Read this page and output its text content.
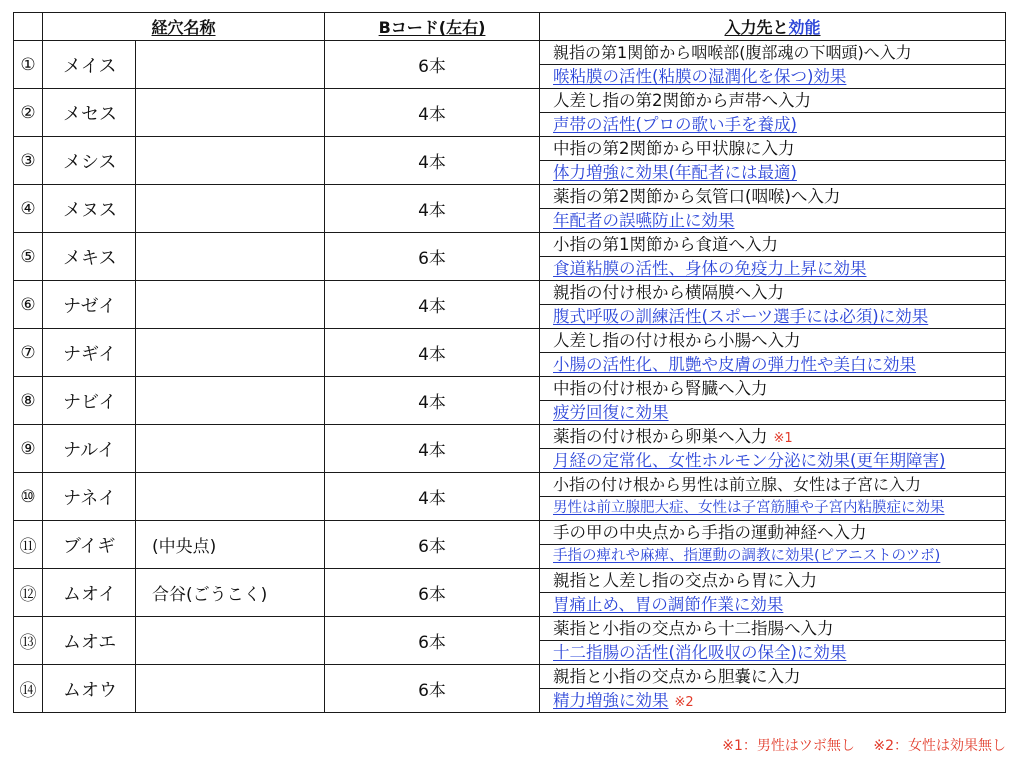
	経穴名称		Bコード(左右)	入力先と効能
①	メイス		6本	親指の第1関節から咽喉部(腹部魂の下咽頭)へ入力
喉粘膜の活性(粘膜の湿潤化を保つ)効果

②	メセス		4本	人差し指の第2関節から声帯へ入力
声帯の活性(プロの歌い手を養成)

③	メシス		4本	中指の第2関節から甲状腺に入力
体力増強に効果(年配者には最適)

④	メヌス		4本	薬指の第2関節から気管口(咽喉)へ入力
年配者の誤嚥防止に効果

⑤	メキス		6本	小指の第1関節から食道へ入力
食道粘膜の活性、身体の免疫力上昇に効果

⑥	ナゼイ		4本	親指の付け根から横隔膜へ入力
腹式呼吸の訓練活性(スポーツ選手には必須)に効果

⑦	ナギイ		4本	人差し指の付け根から小腸へ入力
小腸の活性化、肌艶や皮膚の弾力性や美白に効果

⑧	ナビイ		4本	中指の付け根から腎臓へ入力
疲労回復に効果

⑨	ナルイ		4本	薬指の付け根から卵巣へ入力 ※1
月経の定常化、女性ホルモン分泌に効果(更年期障害)

⑩	ナネイ		4本	小指の付け根から男性は前立腺、女性は子宮に入力
男性は前立腺肥大症、女性は子宮筋腫や子宮内粘膜症に効果

⑪	ブイギ	(中央点)	6本	手の甲の中央点から手指の運動神経へ入力
手指の痺れや麻痺、指運動の調教に効果(ピアニストのツボ)

⑫	ムオイ	合谷(ごうこく)	6本	親指と人差し指の交点から胃に入力
胃痛止め、胃の調節作業に効果

⑬	ムオエ		6本	薬指と小指の交点から十二指腸へ入力
十二指腸の活性(消化吸収の保全)に効果

⑭	ムオウ		6本	親指と小指の交点から胆嚢に入力
精力増強に効果 ※2
※1：男性はツボ無し ※2：女性は効果無し
